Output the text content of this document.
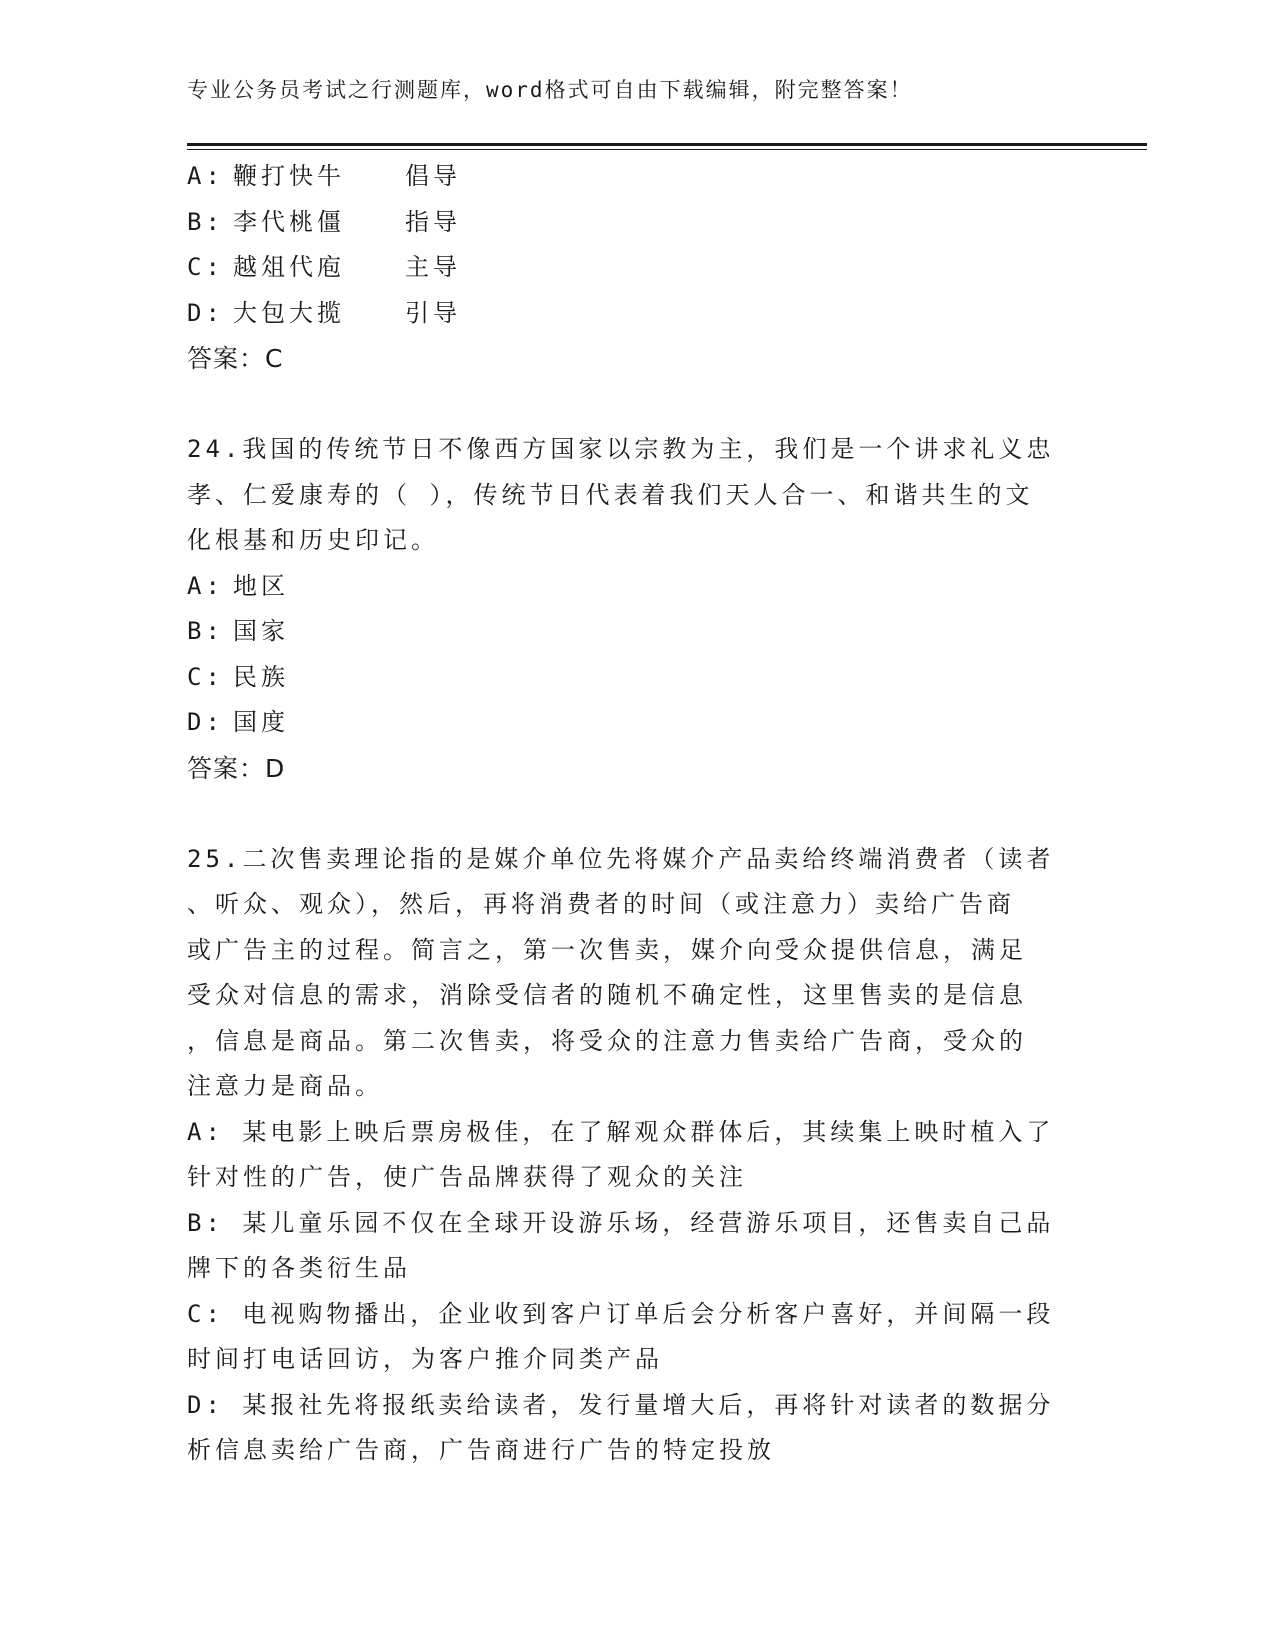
专业公务员考试之行测题库，word格式可自由下载编辑，附完整答案！
A: 鞭打快牛	倡导
B: 李代桃僵	指导
C: 越俎代庖	主导
D: 大包大揽	引导
答案：C
24.我国的传统节日不像西方国家以宗教为主，我们是一个讲求礼义忠
孝、仁爱康寿的（ ），传统节日代表着我们天人合一、和谐共生的文
化根基和历史印记。
A: 地区
B: 国家
C: 民族
D: 国度
答案：D
25.二次售卖理论指的是媒介单位先将媒介产品卖给终端消费者（读者
、听众、观众），然后，再将消费者的时间（或注意力）卖给广告商
或广告主的过程。简言之，第一次售卖，媒介向受众提供信息，满足
受众对信息的需求，消除受信者的随机不确定性，这里售卖的是信息
，信息是商品。第二次售卖，将受众的注意力售卖给广告商，受众的
注意力是商品。
A: 某电影上映后票房极佳，在了解观众群体后，其续集上映时植入了
针对性的广告，使广告品牌获得了观众的关注
B: 某儿童乐园不仅在全球开设游乐场，经营游乐项目，还售卖自己品
牌下的各类衍生品
C: 电视购物播出，企业收到客户订单后会分析客户喜好，并间隔一段
时间打电话回访，为客户推介同类产品
D: 某报社先将报纸卖给读者，发行量增大后，再将针对读者的数据分
析信息卖给广告商，广告商进行广告的特定投放
